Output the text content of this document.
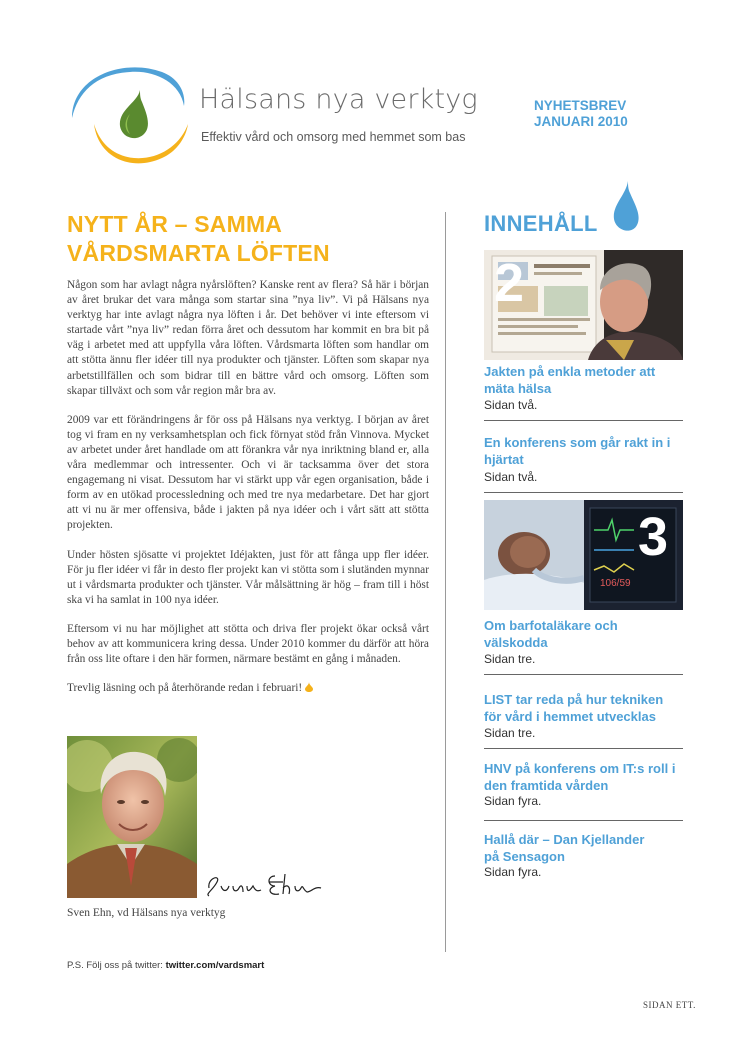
Hälsans nya verktyg
Effektiv vård och omsorg med hemmet som bas
NYHETSBREV
JANUARI 2010
NYTT ÅR – SAMMA
VÅRDSMARTA LÖFTEN

Någon som har avlagt några nyårslöften? Kanske rent av flera? Så här i början av året brukar det vara många som startar sina ”nya liv”. Vi på Hälsans nya verktyg har inte avlagt några nya löften i år. Det behöver vi inte eftersom vi startade vårt ”nya liv” redan förra året och dessutom har kommit en bra bit på väg i arbetet med att uppfylla våra löften. Vårdsmarta löften som handlar om att stötta ännu fler idéer till nya produkter och tjänster. Löften som skapar nya arbetstillfällen och som bidrar till en bättre vård och omsorg. Löften som skapar tillväxt och som vår region mår bra av.

2009 var ett förändringens år för oss på Hälsans nya verktyg. I början av året tog vi fram en ny verksamhetsplan och fick förnyat stöd från Vinnova. Mycket av arbetet under året handlade om att förankra vår nya inriktning bland er, alla våra medlemmar och intressenter. Och vi är tacksamma över det stora engagemang ni visat. Dessutom har vi stärkt upp vår egen organisation, både i form av en utökad processledning och med tre nya medarbetare. Det har gjort att vi nu är mer offensiva, både i jakten på nya idéer och i vårt sätt att stötta projekten.

Under hösten sjösatte vi projektet Idéjakten, just för att fånga upp fler idéer. För ju fler idéer vi får in desto fler projekt kan vi stötta som i slutänden mynnar ut i vårdsmarta produkter och tjänster. Vår målsättning är hög – fram till i höst ska vi ha samlat in 100 nya idéer.

Eftersom vi nu har möjlighet att stötta och driva fler projekt ökar också vårt behov av att kommunicera kring dessa. Under 2010 kommer du därför att höra från oss lite oftare i den här formen, närmare bestämt en gång i månaden.

Trevlig läsning och på återhörande redan i februari!

Sven Ehn, vd Hälsans nya verktyg
P.S. Följ oss på twitter: twitter.com/vardsmart
INNEHÅLL
2
Jakten på enkla metoder att
mäta hälsa
Sidan två.
En konferens som går rakt in i
hjärtat
Sidan två.
106/59
3
Om barfotaläkare och
välskodda
Sidan tre.
LIST tar reda på hur tekniken
för vård i hemmet utvecklas
Sidan tre.
HNV på konferens om IT:s roll i
den framtida vården
Sidan fyra.
Hallå där – Dan Kjellander
på Sensagon
Sidan fyra.
SIDAN ETT.
